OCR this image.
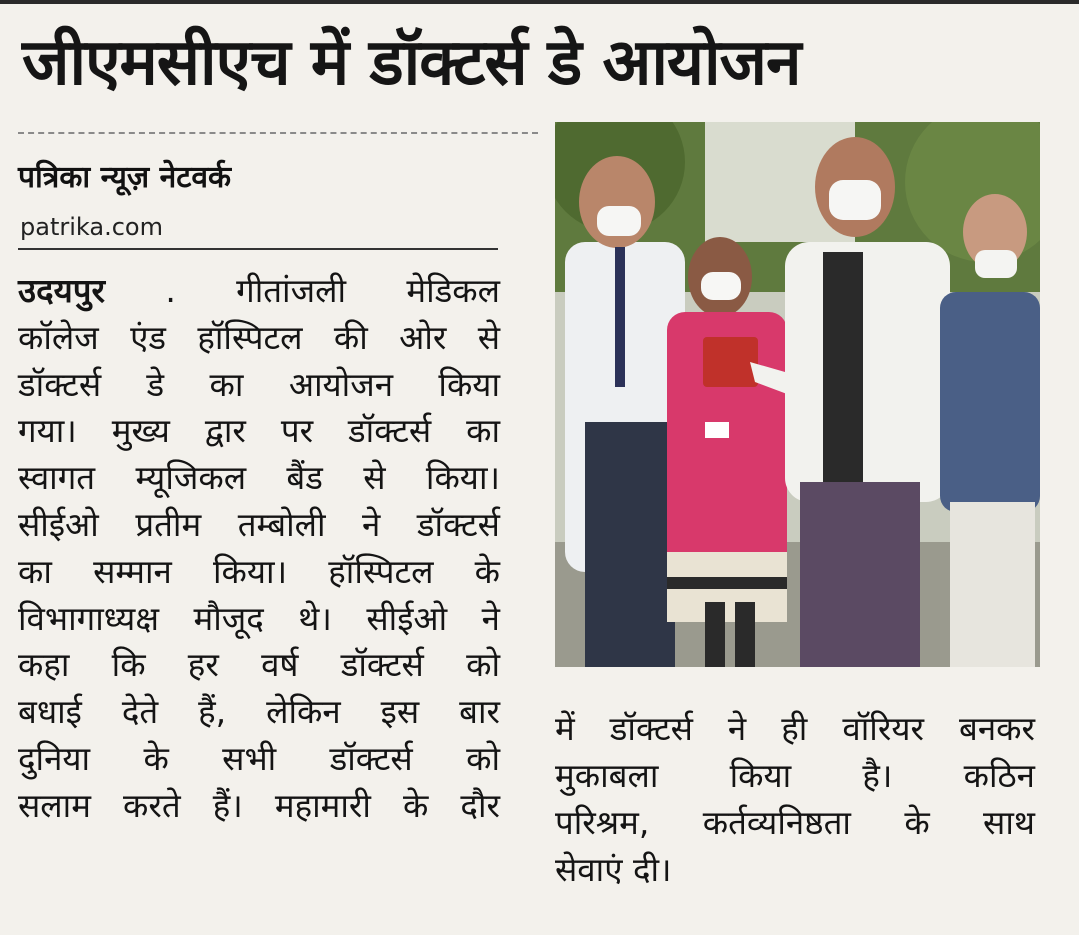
जीएमसीएच में डॉक्टर्स डे आयोजन
पत्रिका न्यूज़ नेटवर्क
patrika.com
उदयपुर . गीतांजली मेडिकल
कॉलेज एंड हॉस्पिटल की ओर से
डॉक्टर्स डे का आयोजन किया
गया। मुख्य द्वार पर डॉक्टर्स का
स्वागत म्यूजिकल बैंड से किया।
सीईओ प्रतीम तम्बोली ने डॉक्टर्स
का सम्मान किया। हॉस्पिटल के
विभागाध्यक्ष मौजूद थे। सीईओ ने
कहा कि हर वर्ष डॉक्टर्स को
बधाई देते हैं, लेकिन इस बार
दुनिया के सभी डॉक्टर्स को
सलाम करते हैं। महामारी के दौर
में डॉक्टर्स ने ही वॉरियर बनकर
मुकाबला किया है। कठिन
परिश्रम, कर्तव्यनिष्ठता के साथ
सेवाएं दी।
